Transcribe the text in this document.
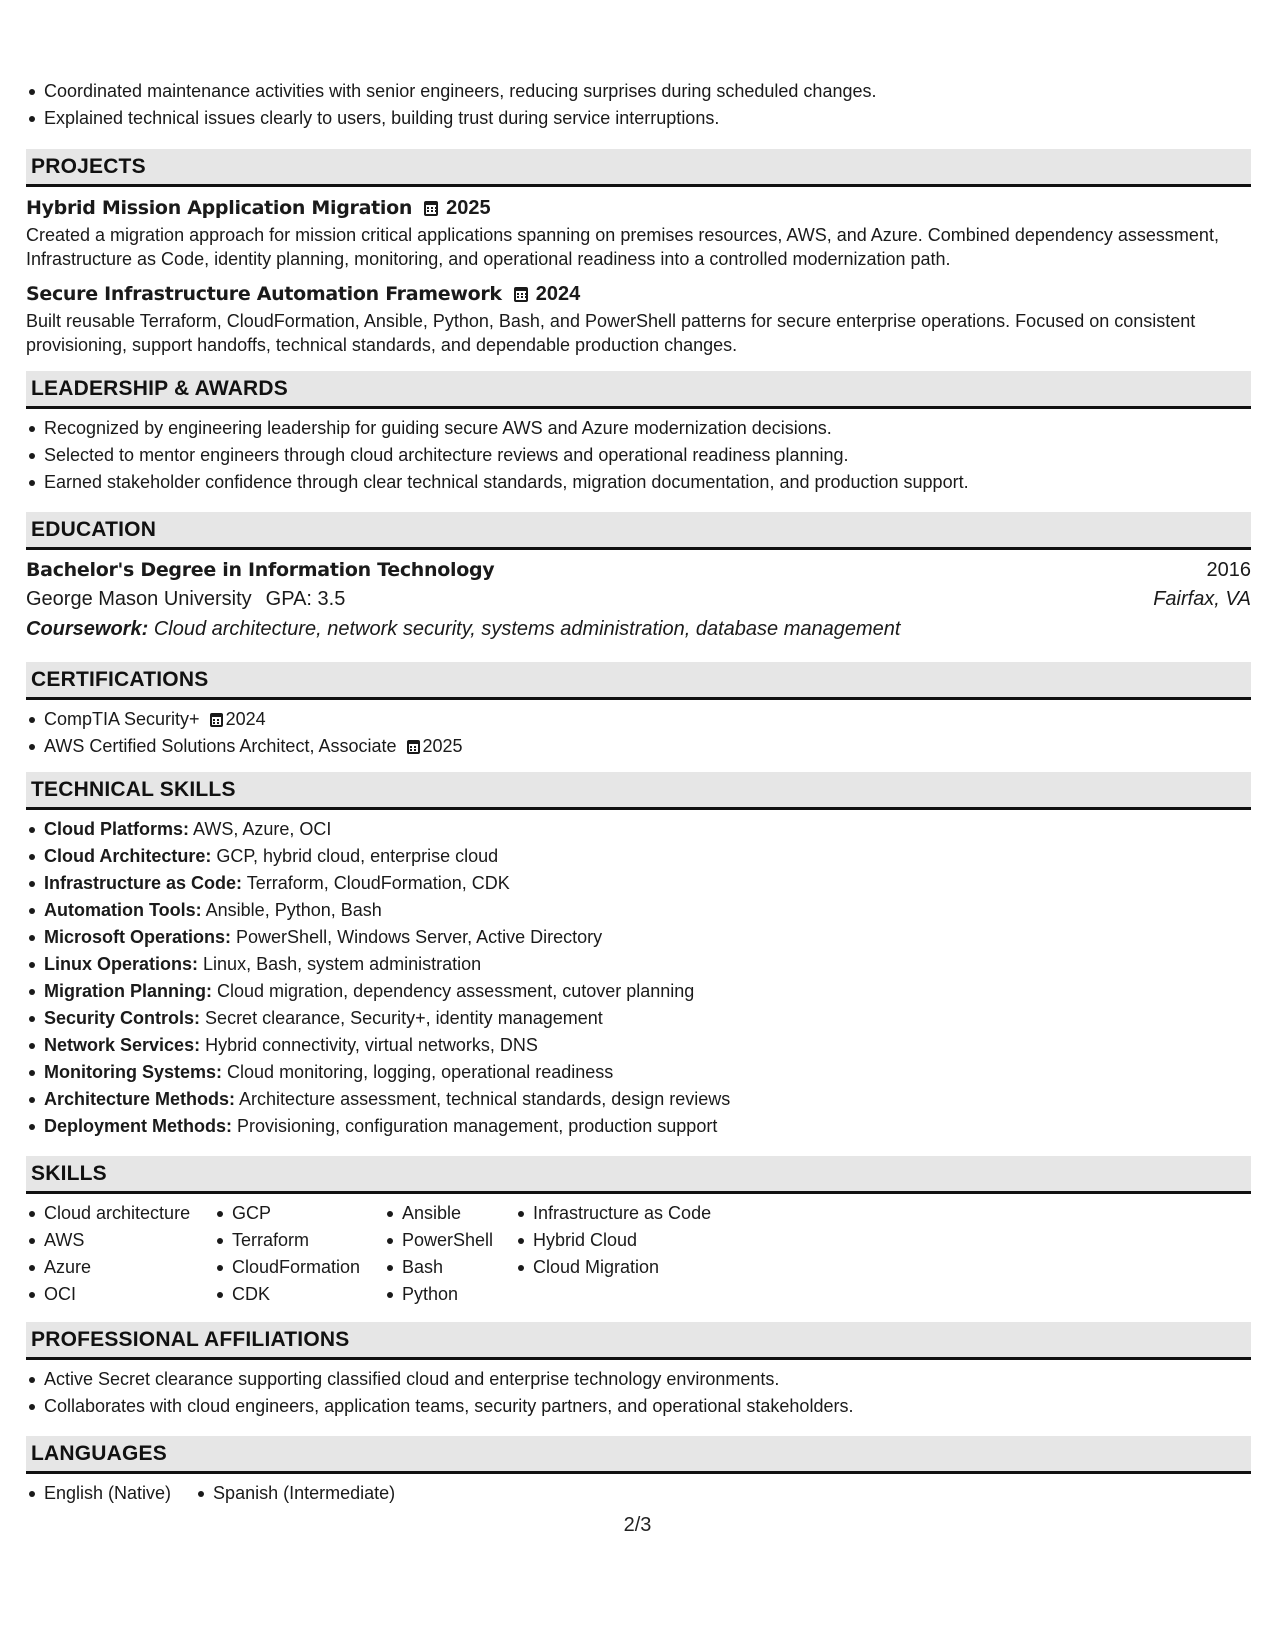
Coordinated maintenance activities with senior engineers, reducing surprises during scheduled changes.
Explained technical issues clearly to users, building trust during service interruptions.
PROJECTS
Hybrid Mission Application Migration 2025
Created a migration approach for mission critical applications spanning on premises resources, AWS, and Azure. Combined dependency assessment, Infrastructure as Code, identity planning, monitoring, and operational readiness into a controlled modernization path.
Secure Infrastructure Automation Framework 2024
Built reusable Terraform, CloudFormation, Ansible, Python, Bash, and PowerShell patterns for secure enterprise operations. Focused on consistent provisioning, support handoffs, technical standards, and dependable production changes.
LEADERSHIP & AWARDS
Recognized by engineering leadership for guiding secure AWS and Azure modernization decisions.
Selected to mentor engineers through cloud architecture reviews and operational readiness planning.
Earned stakeholder confidence through clear technical standards, migration documentation, and production support.
EDUCATION
Bachelor's Degree in Information Technology	2016
George Mason University GPA: 3.5	Fairfax, VA
Coursework: Cloud architecture, network security, systems administration, database management
CERTIFICATIONS
CompTIA Security+ 2024
AWS Certified Solutions Architect, Associate 2025
TECHNICAL SKILLS
Cloud Platforms: AWS, Azure, OCI
Cloud Architecture: GCP, hybrid cloud, enterprise cloud
Infrastructure as Code: Terraform, CloudFormation, CDK
Automation Tools: Ansible, Python, Bash
Microsoft Operations: PowerShell, Windows Server, Active Directory
Linux Operations: Linux, Bash, system administration
Migration Planning: Cloud migration, dependency assessment, cutover planning
Security Controls: Secret clearance, Security+, identity management
Network Services: Hybrid connectivity, virtual networks, DNS
Monitoring Systems: Cloud monitoring, logging, operational readiness
Architecture Methods: Architecture assessment, technical standards, design reviews
Deployment Methods: Provisioning, configuration management, production support
SKILLS
Cloud architecture
AWS
Azure
OCI
GCP
Terraform
CloudFormation
CDK
Ansible
PowerShell
Bash
Python
Infrastructure as Code
Hybrid Cloud
Cloud Migration
PROFESSIONAL AFFILIATIONS
Active Secret clearance supporting classified cloud and enterprise technology environments.
Collaborates with cloud engineers, application teams, security partners, and operational stakeholders.
LANGUAGES
English (Native)	Spanish (Intermediate)
2/3
